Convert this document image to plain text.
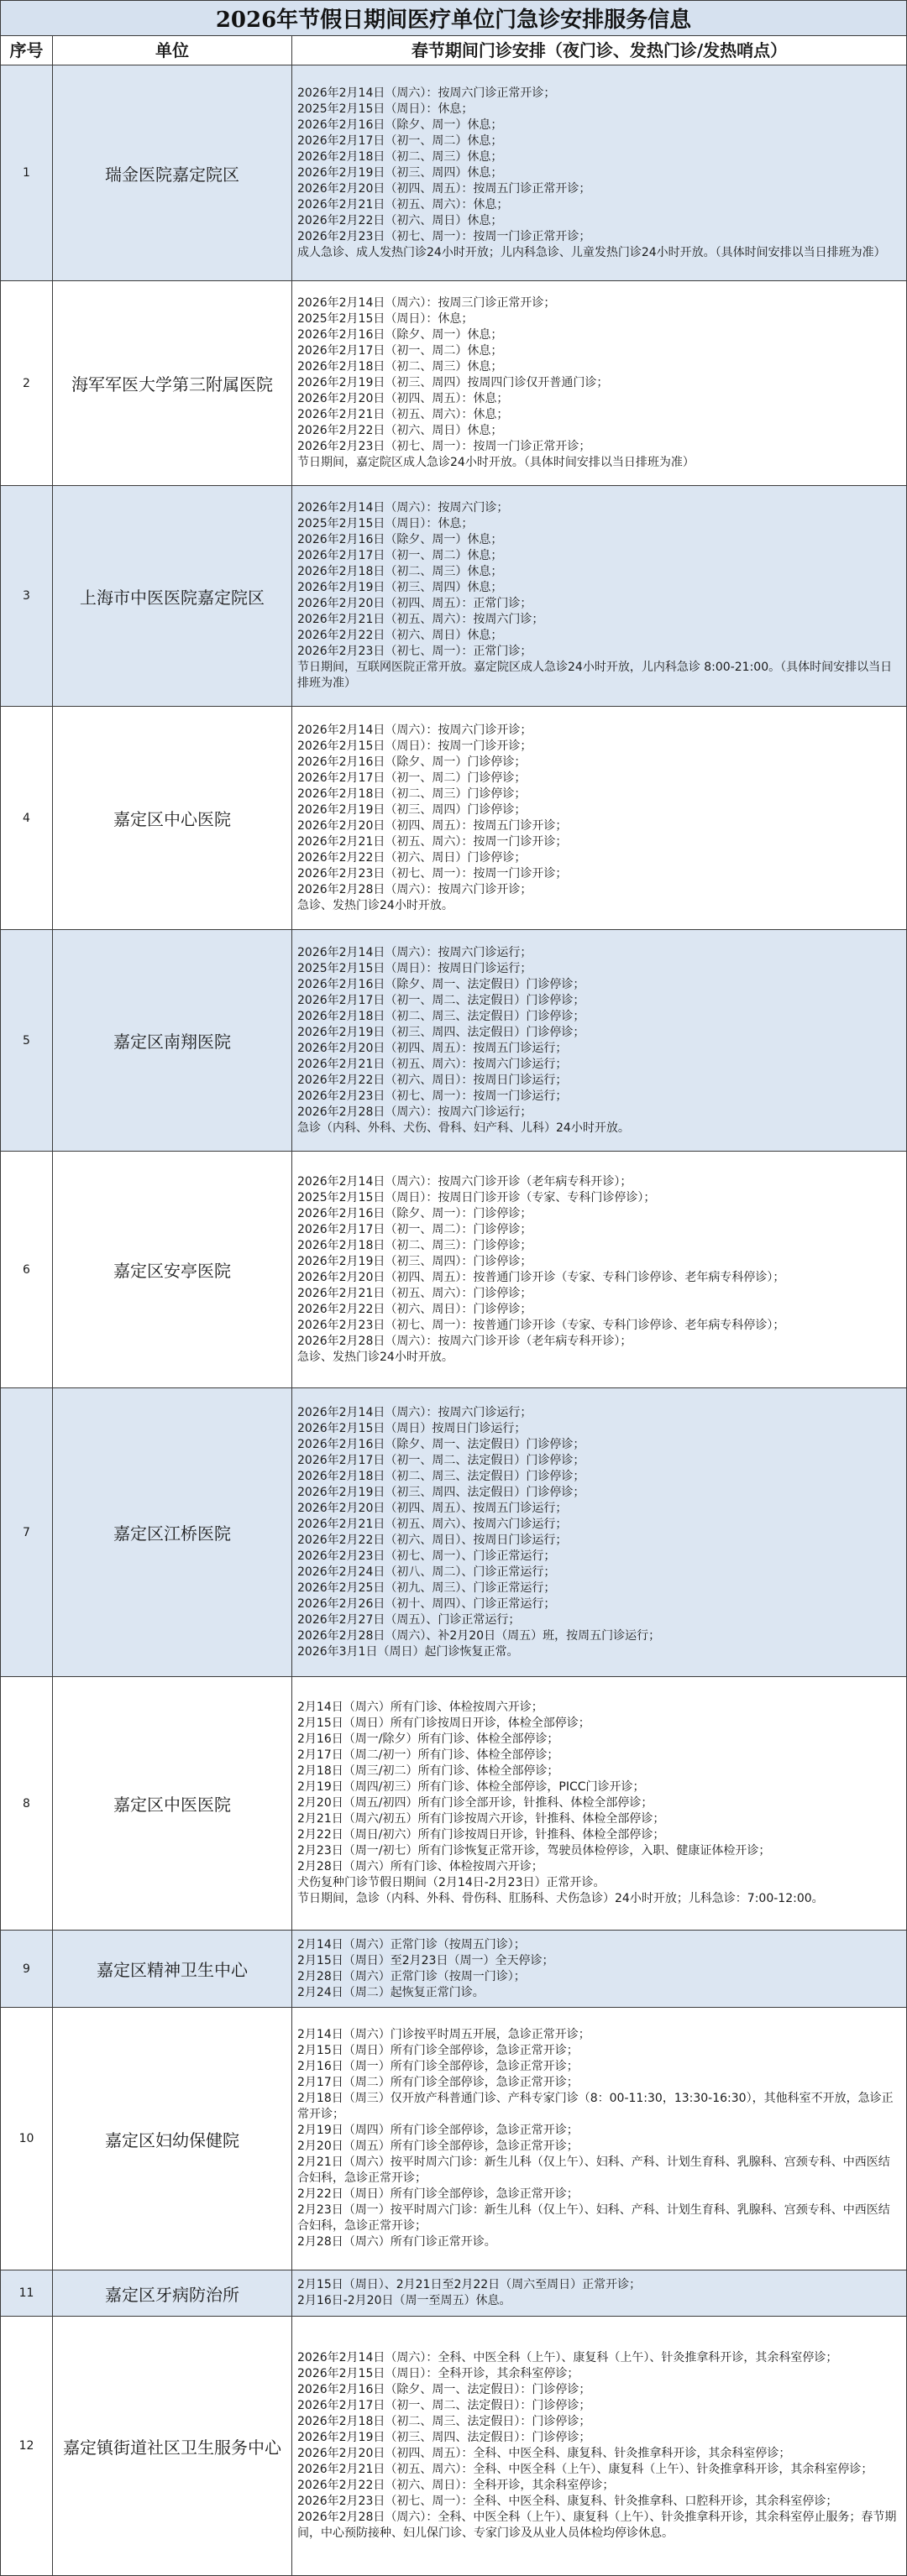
2026年节假日期间医疗单位门急诊安排服务信息
序号	单位	春节期间门诊安排（夜门诊、发热门诊/发热哨点）
1	瑞金医院嘉定院区
2026年2月14日（周六）：按周六门诊正常开诊；
2025年2月15日（周日）：休息；
2026年2月16日（除夕、周一）休息；
2026年2月17日（初一、周二）休息；
2026年2月18日（初二、周三）休息；
2026年2月19日（初三、周四）休息；
2026年2月20日（初四、周五）：按周五门诊正常开诊；
2026年2月21日（初五、周六）：休息；
2026年2月22日（初六、周日）休息；
2026年2月23日（初七、周一）：按周一门诊正常开诊；
成人急诊、成人发热门诊24小时开放；儿内科急诊、儿童发热门诊24小时开放。（具体时间安排以当日排班为准）
2 海军军医大学第三附属医院
2026年2月14日（周六）：按周三门诊正常开诊；
2025年2月15日（周日）：休息；
2026年2月16日（除夕、周一）休息；
2026年2月17日（初一、周二）休息；
2026年2月18日（初二、周三）休息；
2026年2月19日（初三、周四）按周四门诊仅开普通门诊；
2026年2月20日（初四、周五）：休息；
2026年2月21日（初五、周六）：休息；
2026年2月22日（初六、周日）休息；
2026年2月23日（初七、周一）：按周一门诊正常开诊；
节日期间，嘉定院区成人急诊24小时开放。（具体时间安排以当日排班为准）
3	上海市中医医院嘉定院区
2026年2月14日（周六）：按周六门诊；
2025年2月15日（周日）：休息；
2026年2月16日（除夕、周一）休息；
2026年2月17日（初一、周二）休息；
2026年2月18日（初二、周三）休息；
2026年2月19日（初三、周四）休息；
2026年2月20日（初四、周五）：正常门诊；
2026年2月21日（初五、周六）：按周六门诊；
2026年2月22日（初六、周日）休息；
2026年2月23日（初七、周一）：正常门诊；
节日期间，互联网医院正常开放。嘉定院区成人急诊24小时开放，儿内科急诊 8:00-21:00。（具体时间安排以当日排班为准）
4	嘉定区中心医院
2026年2月14日（周六）：按周六门诊开诊；
2026年2月15日（周日）：按周一门诊开诊；
2026年2月16日（除夕、周一）门诊停诊；
2026年2月17日（初一、周二）门诊停诊；
2026年2月18日（初二、周三）门诊停诊；
2026年2月19日（初三、周四）门诊停诊；
2026年2月20日（初四、周五）：按周五门诊开诊；
2026年2月21日（初五、周六）：按周一门诊开诊；
2026年2月22日（初六、周日）门诊停诊；
2026年2月23日（初七、周一）：按周一门诊开诊；
2026年2月28日（周六）：按周六门诊开诊；
急诊、发热门诊24小时开放。
5	嘉定区南翔医院
2026年2月14日（周六）：按周六门诊运行；
2025年2月15日（周日）：按周日门诊运行；
2026年2月16日（除夕、周一、法定假日）门诊停诊；
2026年2月17日（初一、周二、法定假日）门诊停诊；
2026年2月18日（初二、周三、法定假日）门诊停诊；
2026年2月19日（初三、周四、法定假日）门诊停诊；
2026年2月20日（初四、周五）：按周五门诊运行；
2026年2月21日（初五、周六）：按周六门诊运行；
2026年2月22日（初六、周日）：按周日门诊运行；
2026年2月23日（初七、周一）：按周一门诊运行；
2026年2月28日（周六）：按周六门诊运行；
急诊（内科、外科、犬伤、骨科、妇产科、儿科）24小时开放。
6	嘉定区安亭医院
2026年2月14日（周六）：按周六门诊开诊（老年病专科开诊）；
2025年2月15日（周日）：按周日门诊开诊（专家、专科门诊停诊）；
2026年2月16日（除夕、周一）：门诊停诊；
2026年2月17日（初一、周二）：门诊停诊；
2026年2月18日（初二、周三）：门诊停诊；
2026年2月19日（初三、周四）：门诊停诊；
2026年2月20日（初四、周五）：按普通门诊开诊（专家、专科门诊停诊、老年病专科停诊）；
2026年2月21日（初五、周六）：门诊停诊；
2026年2月22日（初六、周日）：门诊停诊；
2026年2月23日（初七、周一）：按普通门诊开诊（专家、专科门诊停诊、老年病专科停诊）；
2026年2月28日（周六）：按周六门诊开诊（老年病专科开诊）；
急诊、发热门诊24小时开放。
7	嘉定区江桥医院
2026年2月14日（周六）：按周六门诊运行；
2026年2月15日（周日）按周日门诊运行；
2026年2月16日（除夕、周一、法定假日）门诊停诊；
2026年2月17日（初一、周二、法定假日）门诊停诊；
2026年2月18日（初二、周三、法定假日）门诊停诊；
2026年2月19日（初三、周四、法定假日）门诊停诊；
2026年2月20日（初四、周五）、按周五门诊运行；
2026年2月21日（初五、周六）、按周六门诊运行；
2026年2月22日（初六、周日）、按周日门诊运行；
2026年2月23日（初七、周一）、门诊正常运行；
2026年2月24日（初八、周二）、门诊正常运行；
2026年2月25日（初九、周三）、门诊正常运行；
2026年2月26日（初十、周四）、门诊正常运行；
2026年2月27日（周五）、门诊正常运行；
2026年2月28日（周六）、补2月20日（周五）班，按周五门诊运行；
2026年3月1日（周日）起门诊恢复正常。
8	嘉定区中医医院
2月14日（周六）所有门诊、体检按周六开诊；
2月15日（周日）所有门诊按周日开诊，体检全部停诊；
2月16日（周一/除夕）所有门诊、体检全部停诊；
2月17日（周二/初一）所有门诊、体检全部停诊；
2月18日（周三/初二）所有门诊、体检全部停诊；
2月19日（周四/初三）所有门诊、体检全部停诊，PICC门诊开诊；
2月20日（周五/初四）所有门诊全部开诊，针推科、体检全部停诊；
2月21日（周六/初五）所有门诊按周六开诊，针推科、体检全部停诊；
2月22日（周日/初六）所有门诊按周日开诊，针推科、体检全部停诊；
2月23日（周一/初七）所有门诊恢复正常开诊，驾驶员体检停诊，入职、健康证体检开诊；
2月28日（周六）所有门诊、体检按周六开诊；
犬伤复种门诊节假日期间（2月14日-2月23日）正常开诊。
节日期间，急诊（内科、外科、骨伤科、肛肠科、犬伤急诊）24小时开放；儿科急诊：7:00-12:00。
9	嘉定区精神卫生中心
2月14日（周六）正常门诊（按周五门诊）；
2月15日（周日）至2月23日（周一）全天停诊；
2月28日（周六）正常门诊（按周一门诊）；
2月24日（周二）起恢复正常门诊。
10	嘉定区妇幼保健院
2月14日（周六）门诊按平时周五开展，急诊正常开诊；
2月15日（周日）所有门诊全部停诊，急诊正常开诊；
2月16日（周一）所有门诊全部停诊，急诊正常开诊；
2月17日（周二）所有门诊全部停诊，急诊正常开诊；
2月18日（周三）仅开放产科普通门诊、产科专家门诊（8：00-11:30，13:30-16:30），其他科室不开放，急诊正常开诊；
2月19日（周四）所有门诊全部停诊，急诊正常开诊；
2月20日（周五）所有门诊全部停诊，急诊正常开诊；
2月21日（周六）按平时周六门诊：新生儿科（仅上午）、妇科、产科、计划生育科、乳腺科、宫颈专科、中西医结合妇科，急诊正常开诊；
2月22日（周日）所有门诊全部停诊，急诊正常开诊；
2月23日（周一）按平时周六门诊：新生儿科（仅上午）、妇科、产科、计划生育科、乳腺科、宫颈专科、中西医结合妇科，急诊正常开诊；
2月28日（周六）所有门诊正常开诊。
11	嘉定区牙病防治所	2月15日（周日）、2月21日至2月22日（周六至周日）正常开诊；
2月16日-2月20日（周一至周五）休息。
12 嘉定镇街道社区卫生服务中心
2026年2月14日（周六）：全科、中医全科（上午）、康复科（上午）、针灸推拿科开诊，其余科室停诊；
2026年2月15日（周日）：全科开诊，其余科室停诊；
2026年2月16日（除夕、周一、法定假日）：门诊停诊；
2026年2月17日（初一、周二、法定假日）：门诊停诊；
2026年2月18日（初二、周三、法定假日）：门诊停诊；
2026年2月19日（初三、周四、法定假日）：门诊停诊；
2026年2月20日（初四、周五）：全科、中医全科、康复科、针灸推拿科开诊，其余科室停诊；
2026年2月21日（初五、周六）：全科、中医全科（上午）、康复科（上午）、针灸推拿科开诊，其余科室停诊；
2026年2月22日（初六、周日）：全科开诊，其余科室停诊；
2026年2月23日（初七、周一）：全科、中医全科、康复科、针灸推拿科、口腔科开诊，其余科室停诊；
2026年2月28日（周六）：全科、中医全科（上午）、康复科（上午）、针灸推拿科开诊，其余科室停止服务；春节期间，中心预防接种、妇儿保门诊、专家门诊及从业人员体检均停诊休息。
